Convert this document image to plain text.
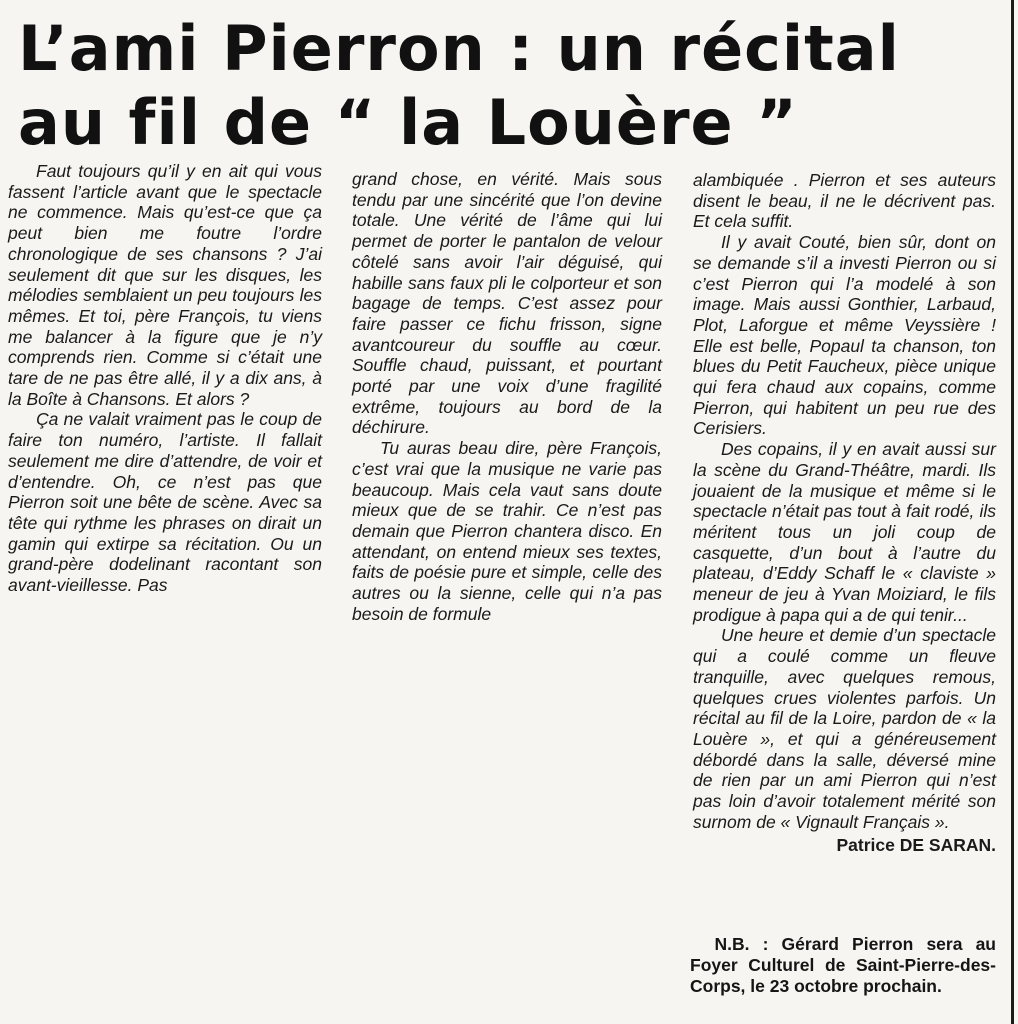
L’ami Pierron : un récital
au fil de “ la Louère ”

Faut toujours qu’il y en ait qui vous fassent l’article avant que le spectacle ne commence. Mais qu’est-ce que ça peut bien me foutre l’ordre chronologique de ses chansons ? J’ai seulement dit que sur les disques, les mélodies semblaient un peu toujours les mêmes. Et toi, père François, tu viens me balancer à la figure que je n’y comprends rien. Comme si c’était une tare de ne pas être allé, il y a dix ans, à la Boîte à Chansons. Et alors ?

Ça ne valait vraiment pas le coup de faire ton numéro, l’artiste. Il fallait seulement me dire d’attendre, de voir et d’entendre. Oh, ce n’est pas que Pierron soit une bête de scène. Avec sa tête qui rythme les phrases on dirait un gamin qui extirpe sa récitation. Ou un grand-père dodelinant racontant son avant-vieillesse. Pas

grand chose, en vérité. Mais sous tendu par une sincérité que l’on devine totale. Une vérité de l’âme qui lui permet de porter le pantalon de velour côtelé sans avoir l’air déguisé, qui habille sans faux pli le colporteur et son bagage de temps. C’est assez pour faire passer ce fichu frisson, signe avantcoureur du souffle au cœur. Souffle chaud, puissant, et pourtant porté par une voix d’une fragilité extrême, toujours au bord de la déchirure.

Tu auras beau dire, père François, c’est vrai que la musique ne varie pas beaucoup. Mais cela vaut sans doute mieux que de se trahir. Ce n’est pas demain que Pierron chantera disco. En attendant, on entend mieux ses textes, faits de poésie pure et simple, celle des autres ou la sienne, celle qui n’a pas besoin de formule

alambiquée . Pierron et ses auteurs disent le beau, il ne le décrivent pas. Et cela suffit.

Il y avait Couté, bien sûr, dont on se demande s’il a investi Pierron ou si c’est Pierron qui l’a modelé à son image. Mais aussi Gonthier, Larbaud, Plot, Laforgue et même Veyssière ! Elle est belle, Popaul ta chanson, ton blues du Petit Faucheux, pièce unique qui fera chaud aux copains, comme Pierron, qui habitent un peu rue des Cerisiers.

Des copains, il y en avait aussi sur la scène du Grand-Théâtre, mardi. Ils jouaient de la musique et même si le spectacle n’était pas tout à fait rodé, ils méritent tous un joli coup de casquette, d’un bout à l’autre du plateau, d’Eddy Schaff le « claviste » meneur de jeu à Yvan Moiziard, le fils prodigue à papa qui a de qui tenir...

Une heure et demie d’un spectacle qui a coulé comme un fleuve tranquille, avec quelques remous, quelques crues violentes parfois. Un récital au fil de la Loire, pardon de « la Louère », et qui a généreusement débordé dans la salle, déversé mine de rien par un ami Pierron qui n’est pas loin d’avoir totalement mérité son surnom de « Vignault Français ».

Patrice DE SARAN.

N.B. : Gérard Pierron sera au Foyer Culturel de Saint-Pierre-des-Corps, le 23 octobre prochain.
